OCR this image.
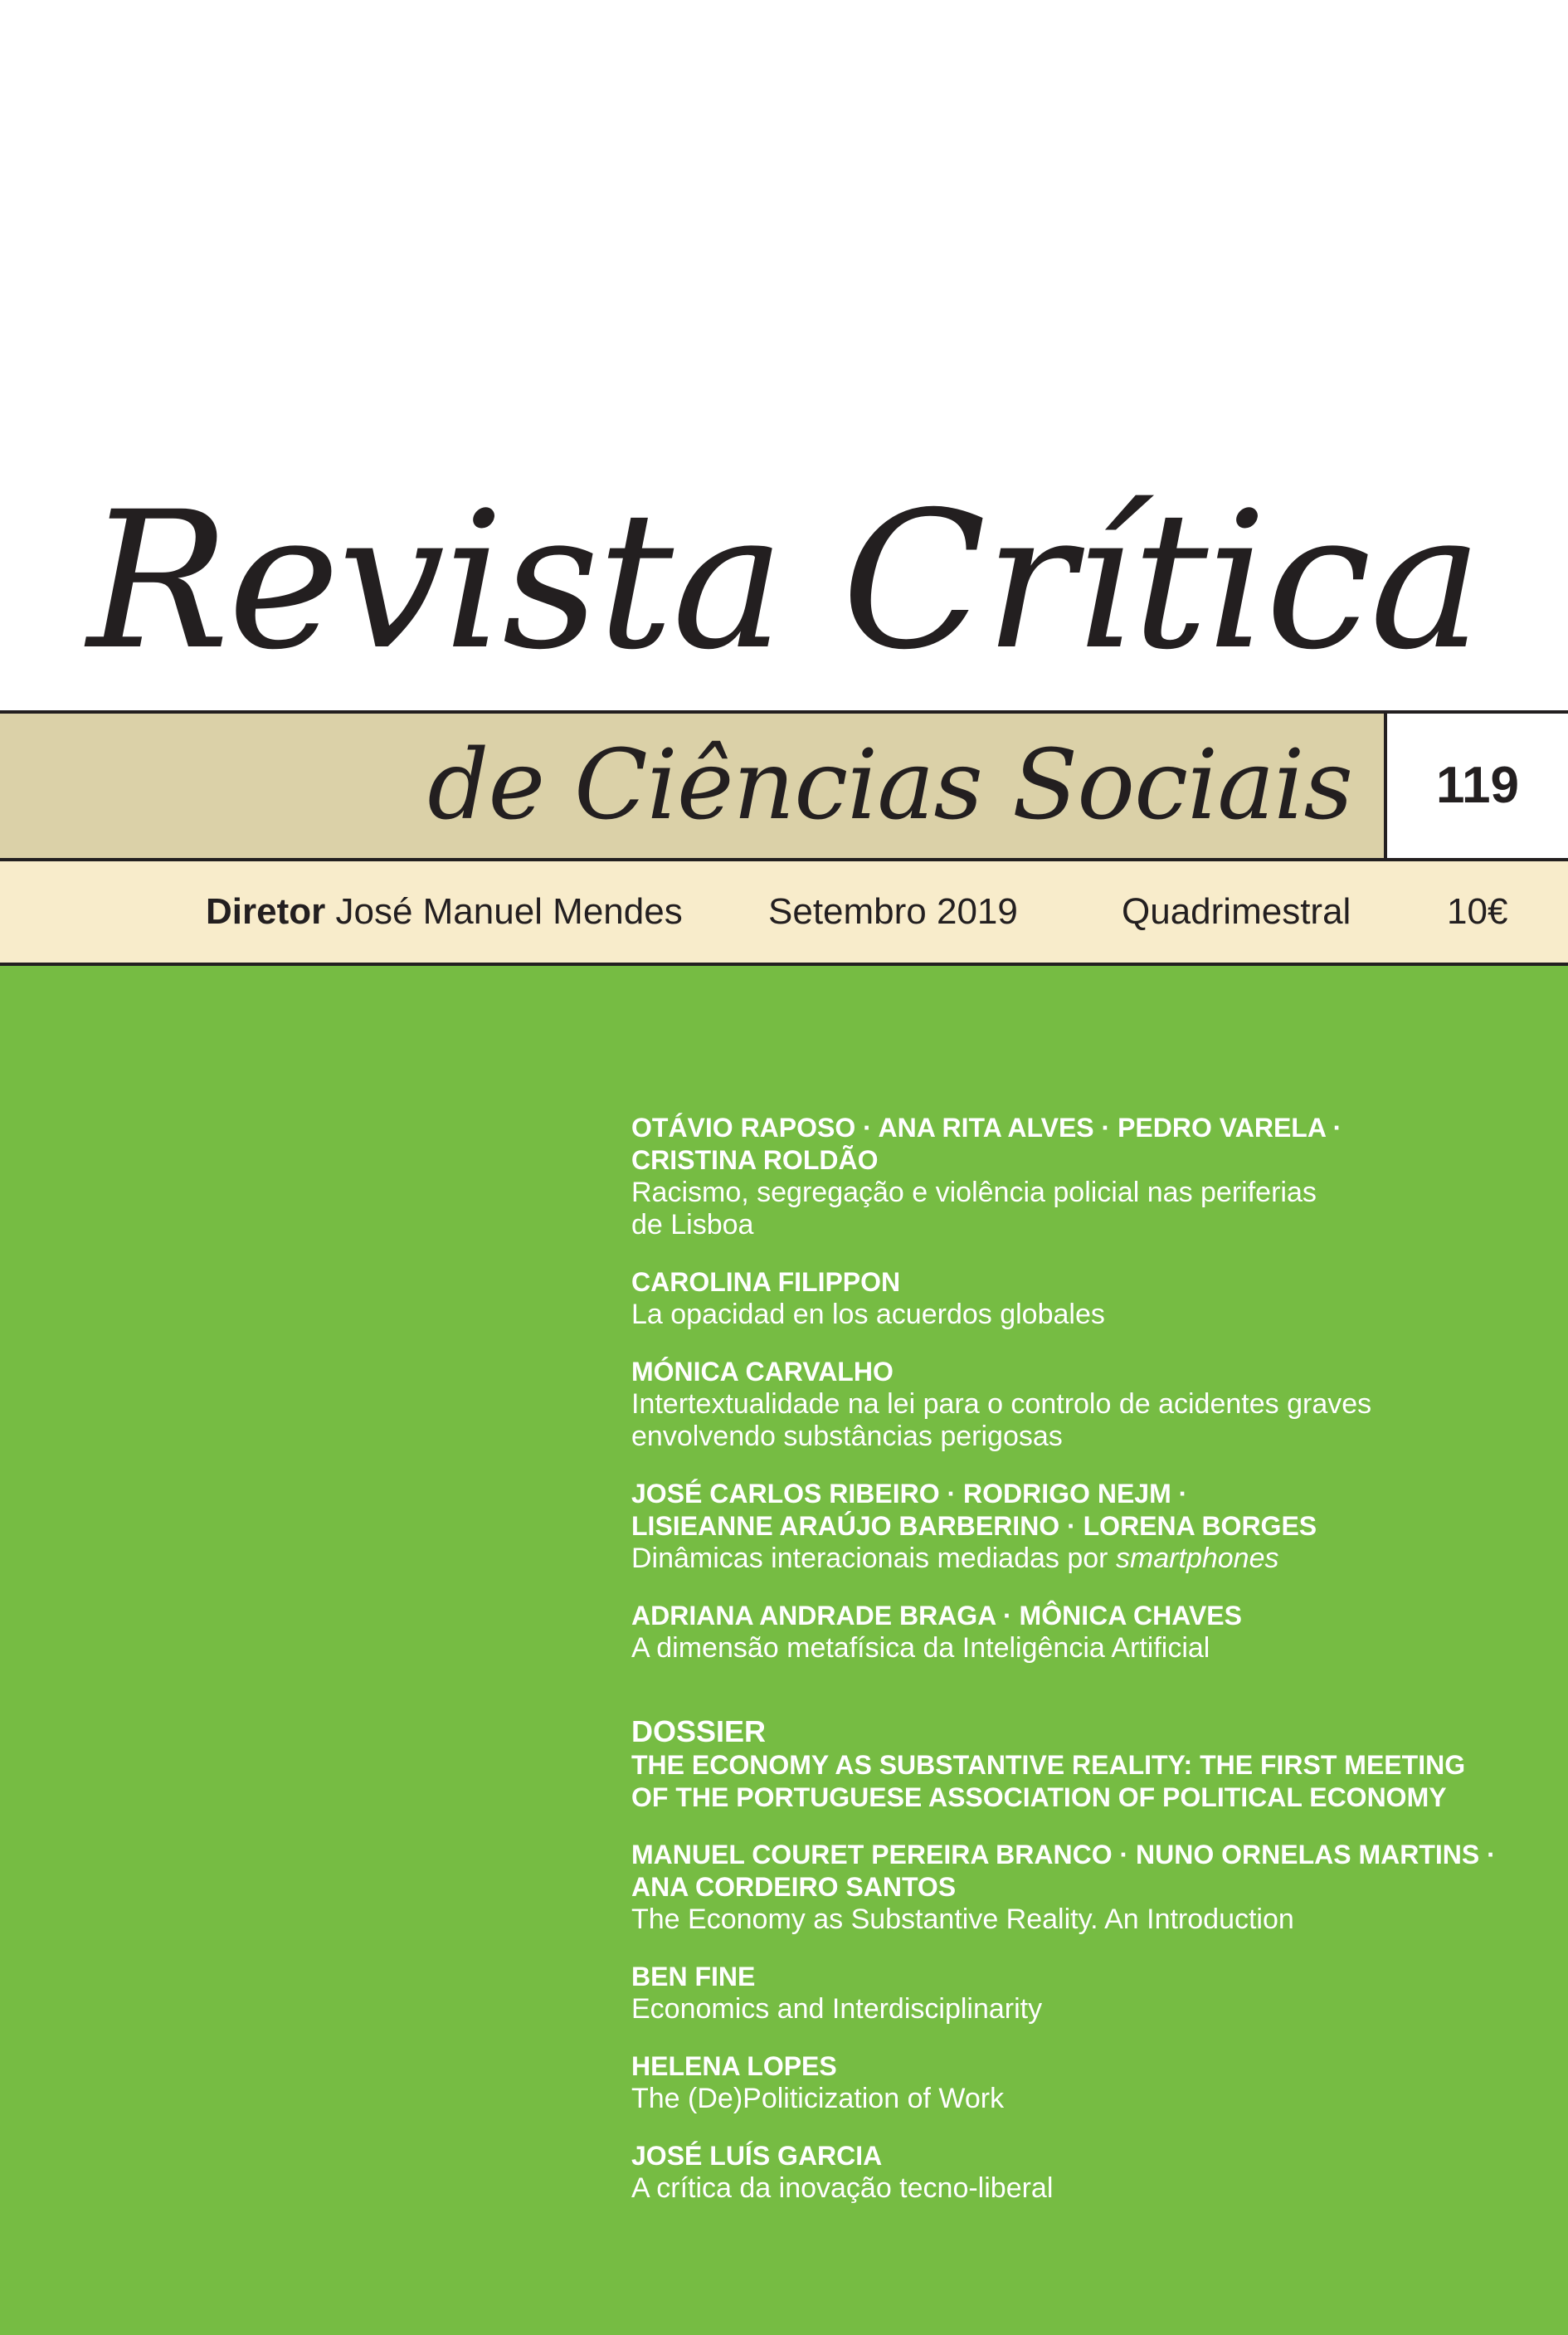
Revista Crítica
de Ciências Sociais	119
Diretor José Manuel Mendes Setembro 2019	Quadrimestral	10€
OTÁVIO RAPOSO · ANA RITA ALVES · PEDRO VARELA ·
CRISTINA ROLDÃO
Racismo, segregação e violência policial nas periferias
de Lisboa
CAROLINA FILIPPON
La opacidad en los acuerdos globales
MÓNICA CARVALHO
Intertextualidade na lei para o controlo de acidentes graves
envolvendo substâncias perigosas
JOSÉ CARLOS RIBEIRO · RODRIGO NEJM ·
LISIEANNE ARAÚJO BARBERINO · LORENA BORGES
Dinâmicas interacionais mediadas por smartphones
ADRIANA ANDRADE BRAGA · MÔNICA CHAVES
A dimensão metafísica da Inteligência Artificial
DOSSIER
THE ECONOMY AS SUBSTANTIVE REALITY: THE FIRST MEETING
OF THE PORTUGUESE ASSOCIATION OF POLITICAL ECONOMY
MANUEL COURET PEREIRA BRANCO · NUNO ORNELAS MARTINS ·
ANA CORDEIRO SANTOS
The Economy as Substantive Reality. An Introduction
BEN FINE
Economics and Interdisciplinarity
HELENA LOPES
The (De)Politicization of Work
JOSÉ LUÍS GARCIA
A crítica da inovação tecno-liberal
